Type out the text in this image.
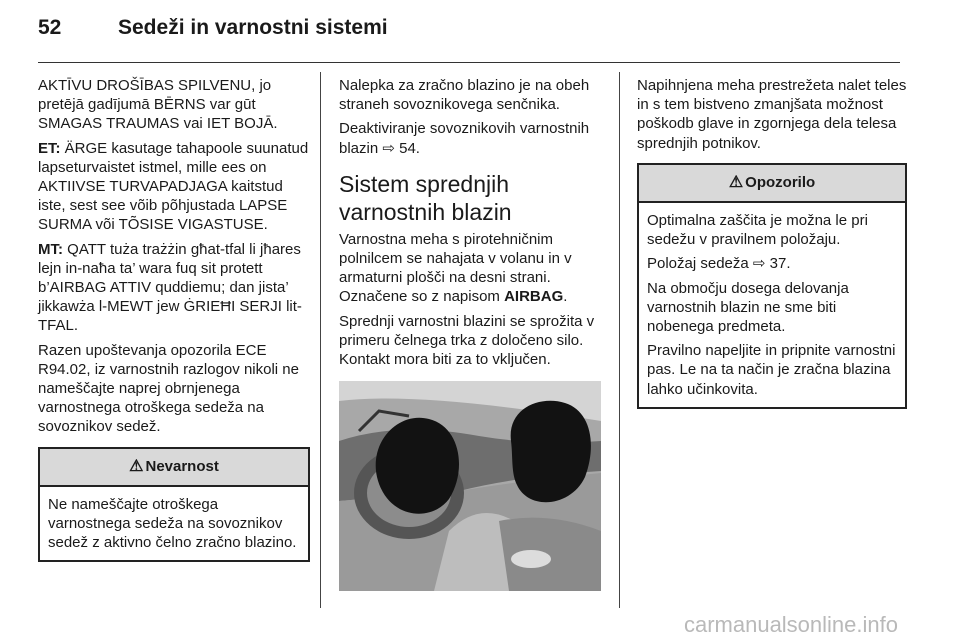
52	Sedeži in varnostni sistemi

AKTĪVU DROŠĪBAS SPILVENU, jo pretējā gadījumā BĒRNS var gūt SMAGAS TRAUMAS vai IET BOJĀ.

ET: ÄRGE kasutage tahapoole suunatud lapseturvaistet istmel, mille ees on AKTIIVSE TURVAPADJAGA kaitstud iste, sest see võib põhjustada LAPSE SURMA või TÕSISE VIGASTUSE.

MT: QATT tuża trażżin għat-tfal li jħares lejn in-naħa ta’ wara fuq sit protett b’AIRBAG ATTIV quddiemu; dan jista’ jikkawża l-MEWT jew ĠRIEĦI SERJI lit-TFAL.

Razen upoštevanja opozorila ECE R94.02, iz varnostnih razlogov nikoli ne nameščajte naprej obrnjenega varnostnega otroškega sedeža na sovoznikov sedež.

⚠ Nevarnost

Ne nameščajte otroškega varnostnega sedeža na sovoznikov sedež z aktivno čelno zračno blazino.

Nalepka za zračno blazino je na obeh straneh sovoznikovega senčnika.

Deaktiviranje sovoznikovih varnostnih blazin ⇨ 54.

Sistem sprednjih varnostnih blazin

Varnostna meha s pirotehničnim polnilcem se nahajata v volanu in v armaturni plošči na desni strani. Označene so z napisom AIRBAG.

Sprednji varnostni blazini se sprožita v primeru čelnega trka z določeno silo. Kontakt mora biti za to vključen.

Napihnjena meha prestrežeta nalet teles in s tem bistveno zmanjšata možnost poškodb glave in zgornjega dela telesa sprednjih potnikov.

⚠ Opozorilo

Optimalna zaščita je možna le pri sedežu v pravilnem položaju.

Položaj sedeža ⇨ 37.

Na območju dosega delovanja varnostnih blazin ne sme biti nobenega predmeta.

Pravilno napeljite in pripnite varnostni pas. Le na ta način je zračna blazina lahko učinkovita.

carmanualsonline.info
